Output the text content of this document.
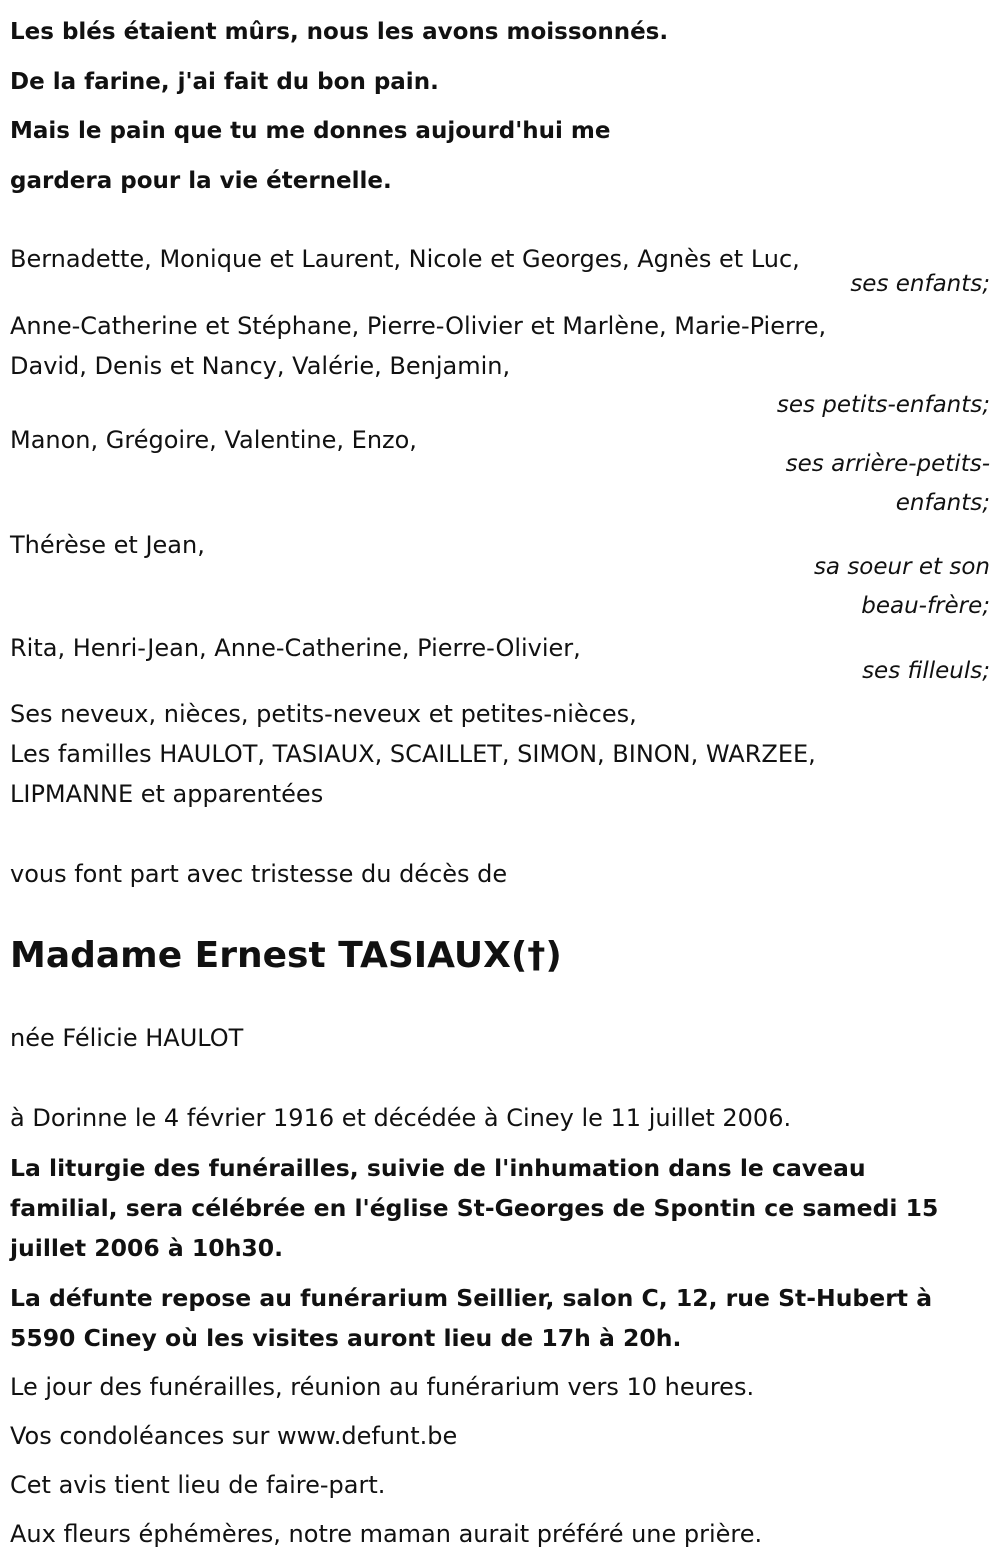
Les blés étaient mûrs, nous les avons moissonnés.
De la farine, j'ai fait du bon pain.
Mais le pain que tu me donnes aujourd'hui me
gardera pour la vie éternelle.
Bernadette, Monique et Laurent, Nicole et Georges, Agnès et Luc,
ses enfants;
Anne-Catherine et Stéphane, Pierre-Olivier et Marlène, Marie-Pierre,
David, Denis et Nancy, Valérie, Benjamin,
ses petits-enfants;
Manon, Grégoire, Valentine, Enzo,
ses arrière-petits-
enfants;
Thérèse et Jean,
sa soeur et son
beau-frère;
Rita, Henri-Jean, Anne-Catherine, Pierre-Olivier,
ses filleuls;
Ses neveux, nièces, petits-neveux et petites-nièces,
Les familles HAULOT, TASIAUX, SCAILLET, SIMON, BINON, WARZEE,
LIPMANNE et apparentées
vous font part avec tristesse du décès de
Madame Ernest TASIAUX(†)
née Félicie HAULOT
à Dorinne le 4 février 1916 et décédée à Ciney le 11 juillet 2006.
La liturgie des funérailles, suivie de l'inhumation dans le caveau
familial, sera célébrée en l'église St-Georges de Spontin ce samedi 15
juillet 2006 à 10h30.
La défunte repose au funérarium Seillier, salon C, 12, rue St-Hubert à
5590 Ciney où les visites auront lieu de 17h à 20h.
Le jour des funérailles, réunion au funérarium vers 10 heures.
Vos condoléances sur www.defunt.be
Cet avis tient lieu de faire-part.
Aux fleurs éphémères, notre maman aurait préféré une prière.
